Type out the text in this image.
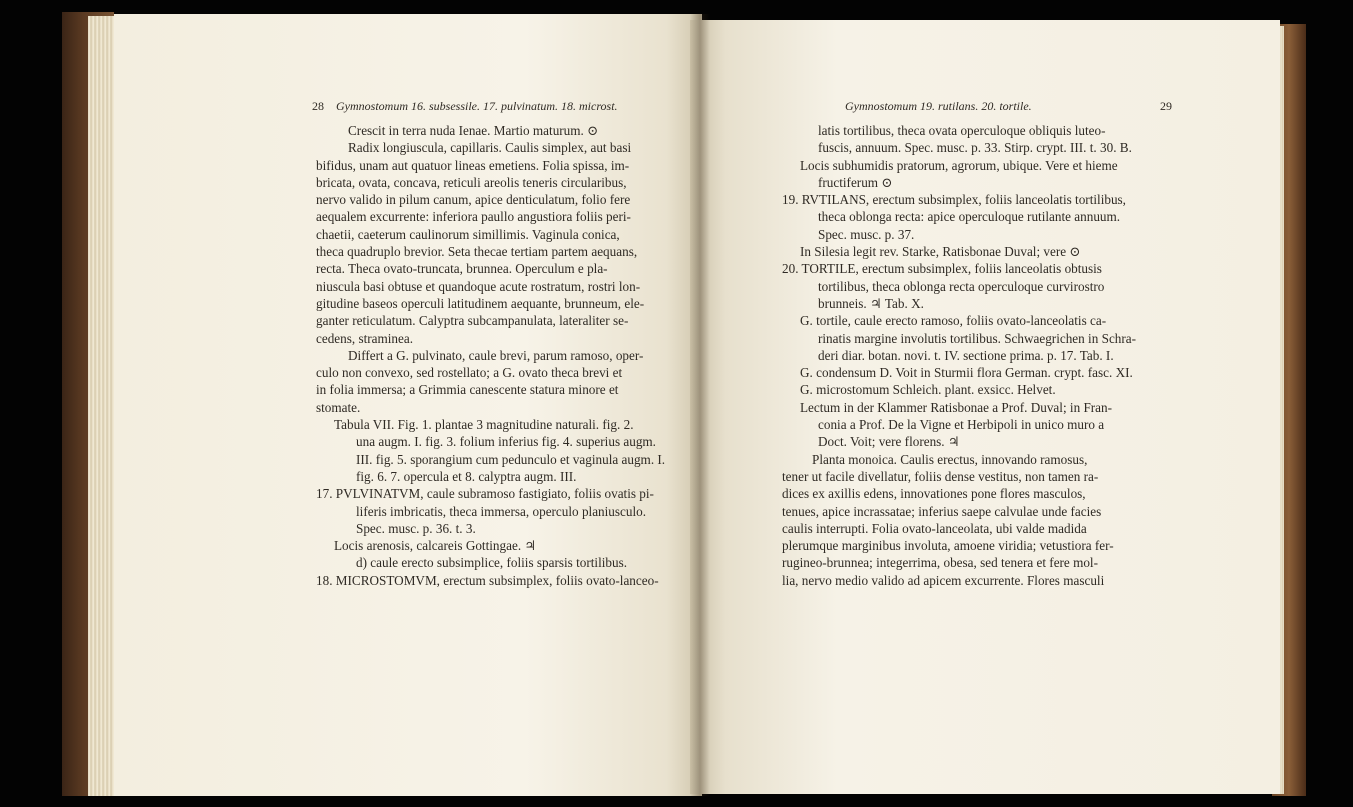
28 Gymnostomum 16. subsessile. 17. pulvinatum. 18. microst.

Crescit in terra nuda Ienae. Martio maturum. ⊙

Radix longiuscula, capillaris. Caulis simplex, aut basi

bifidus, unam aut quatuor lineas emetiens. Folia spissa, im-

bricata, ovata, concava, reticuli areolis teneris circularibus,

nervo valido in pilum canum, apice denticulatum, folio fere

aequalem excurrente: inferiora paullo angustiora foliis peri-

chaetii, caeterum caulinorum simillimis. Vaginula conica,

theca quadruplo brevior. Seta thecae tertiam partem aequans,

recta. Theca ovato-truncata, brunnea. Operculum e pla-

niuscula basi obtuse et quandoque acute rostratum, rostri lon-

gitudine baseos operculi latitudinem aequante, brunneum, ele-

ganter reticulatum. Calyptra subcampanulata, lateraliter se-

cedens, straminea.

Differt a G. pulvinato, caule brevi, parum ramoso, oper-

culo non convexo, sed rostellato; a G. ovato theca brevi et

in folia immersa; a Grimmia canescente statura minore et

stomate.

Tabula VII. Fig. 1. plantae 3 magnitudine naturali. fig. 2.

una augm. I. fig. 3. folium inferius fig. 4. superius augm.

III. fig. 5. sporangium cum pedunculo et vaginula augm. I.

fig. 6. 7. opercula et 8. calyptra augm. III.

17. PVLVINATVM, caule subramoso fastigiato, foliis ovatis pi-

liferis imbricatis, theca immersa, operculo planiusculo.

Spec. musc. p. 36. t. 3.

Locis arenosis, calcareis Gottingae. ♃

d) caule erecto subsimplice, foliis sparsis tortilibus.

18. MICROSTOMVM, erectum subsimplex, foliis ovato-lanceo-

Gymnostomum 19. rutilans. 20. tortile.	29

latis tortilibus, theca ovata operculoque obliquis luteo-

fuscis, annuum. Spec. musc. p. 33. Stirp. crypt. III. t. 30. B.

Locis subhumidis pratorum, agrorum, ubique. Vere et hieme

fructiferum ⊙

19. RVTILANS, erectum subsimplex, foliis lanceolatis tortilibus,

theca oblonga recta: apice operculoque rutilante annuum.

Spec. musc. p. 37.

In Silesia legit rev. Starke, Ratisbonae Duval; vere ⊙

20. TORTILE, erectum subsimplex, foliis lanceolatis obtusis

tortilibus, theca oblonga recta operculoque curvirostro

brunneis. ♃ Tab. X.

G. tortile, caule erecto ramoso, foliis ovato-lanceolatis ca-

rinatis margine involutis tortilibus. Schwaegrichen in Schra-

deri diar. botan. novi. t. IV. sectione prima. p. 17. Tab. I.

G. condensum D. Voit in Sturmii flora German. crypt. fasc. XI.

G. microstomum Schleich. plant. exsicc. Helvet.

Lectum in der Klammer Ratisbonae a Prof. Duval; in Fran-

conia a Prof. De la Vigne et Herbipoli in unico muro a

Doct. Voit; vere florens. ♃

Planta monoica. Caulis erectus, innovando ramosus,

tener ut facile divellatur, foliis dense vestitus, non tamen ra-

dices ex axillis edens, innovationes pone flores masculos,

tenues, apice incrassatae; inferius saepe calvulae unde facies

caulis interrupti. Folia ovato-lanceolata, ubi valde madida

plerumque marginibus involuta, amoene viridia; vetustiora fer-

rugineo-brunnea; integerrima, obesa, sed tenera et fere mol-

lia, nervo medio valido ad apicem excurrente. Flores masculi
